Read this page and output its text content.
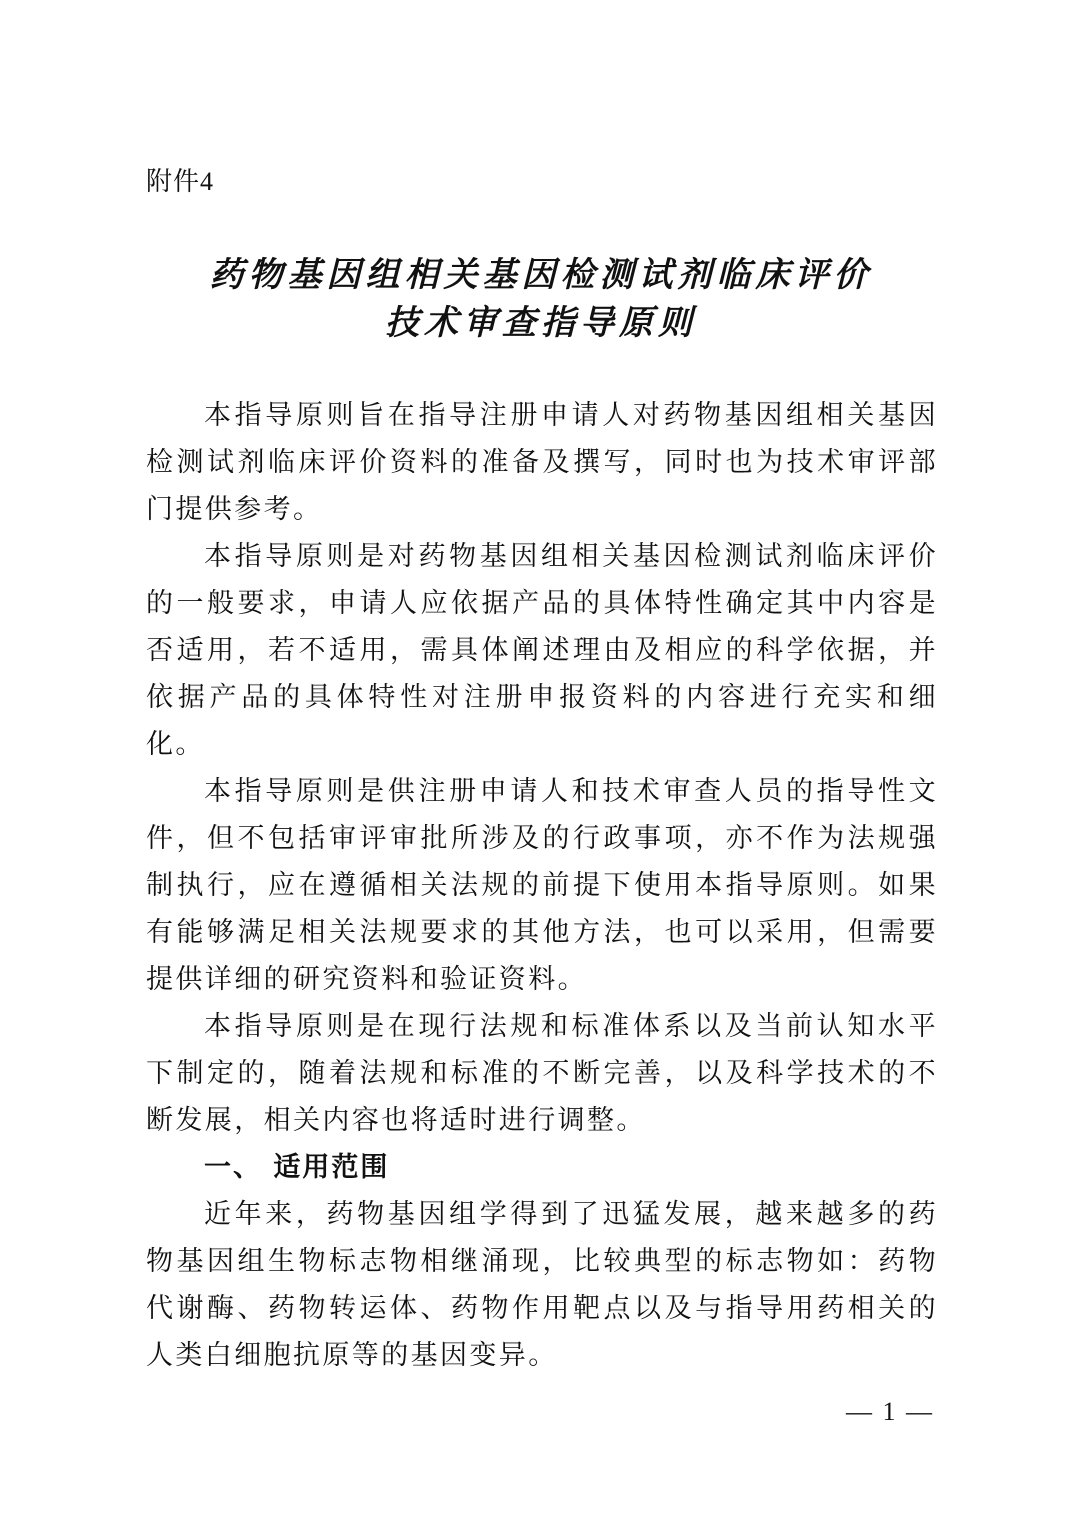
附件4
药物基因组相关基因检测试剂临床评价
技术审查指导原则

本指导原则旨在指导注册申请人对药物基因组相关基因检测试剂临床评价资料的准备及撰写，同时也为技术审评部门提供参考。

本指导原则是对药物基因组相关基因检测试剂临床评价的一般要求，申请人应依据产品的具体特性确定其中内容是否适用，若不适用，需具体阐述理由及相应的科学依据，并依据产品的具体特性对注册申报资料的内容进行充实和细化。

本指导原则是供注册申请人和技术审查人员的指导性文件，但不包括审评审批所涉及的行政事项，亦不作为法规强制执行，应在遵循相关法规的前提下使用本指导原则。如果有能够满足相关法规要求的其他方法，也可以采用，但需要提供详细的研究资料和验证资料。

本指导原则是在现行法规和标准体系以及当前认知水平下制定的，随着法规和标准的不断完善，以及科学技术的不断发展，相关内容也将适时进行调整。

一、 适用范围

近年来，药物基因组学得到了迅猛发展，越来越多的药物基因组生物标志物相继涌现，比较典型的标志物如：药物代谢酶、药物转运体、药物作用靶点以及与指导用药相关的人类白细胞抗原等的基因变异。

— 1 —
